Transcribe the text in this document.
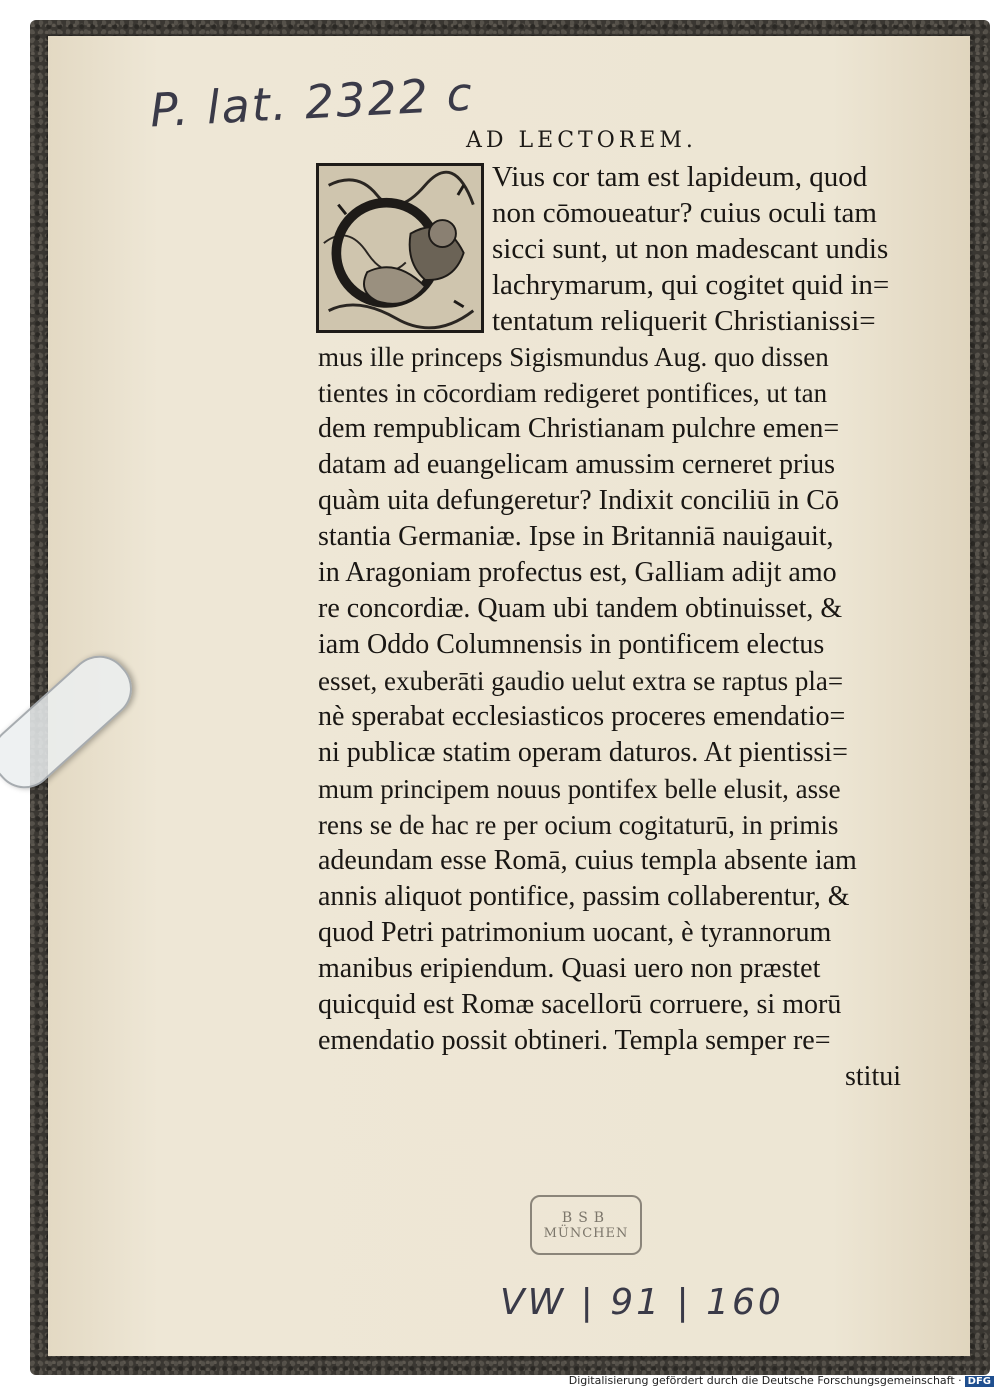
P. lat. 2322 c
AD LECTOREM.
Vius cor tam est lapideum, quod
non cōmoueatur? cuius oculi tam
sicci sunt, ut non madescant undis
lachrymarum, qui cogitet quid in=
tentatum reliquerit Christianissi=
mus ille princeps Sigismundus Aug. quo dissen
tientes in cōcordiam redigeret pontifices, ut tan
dem rempublicam Christianam pulchre emen=
datam ad euangelicam amussim cerneret prius
quàm uita defungeretur? Indixit conciliū in Cō
stantia Germaniæ. Ipse in Britanniā nauigauit,
in Aragoniam profectus est, Galliam adijt amo
re concordiæ. Quam ubi tandem obtinuisset, &
iam Oddo Columnensis in pontificem electus
esset, exuberāti gaudio uelut extra se raptus pla=
nè sperabat ecclesiasticos proceres emendatio=
ni publicæ statim operam daturos. At pientissi=
mum principem nouus pontifex belle elusit, asse
rens se de hac re per ocium cogitaturū, in primis
adeundam esse Romā, cuius templa absente iam
annis aliquot pontifice, passim collaberentur, &
quod Petri patrimonium uocant, è tyrannorum
manibus eripiendum. Quasi uero non præstet
quicquid est Romæ sacellorū corruere, si morū
emendatio possit obtineri. Templa semper re=
stitui
BSB
MÜNCHEN
VW | 91 | 160
Digitalisierung gefördert durch die Deutsche Forschungsgemeinschaft · DFG
